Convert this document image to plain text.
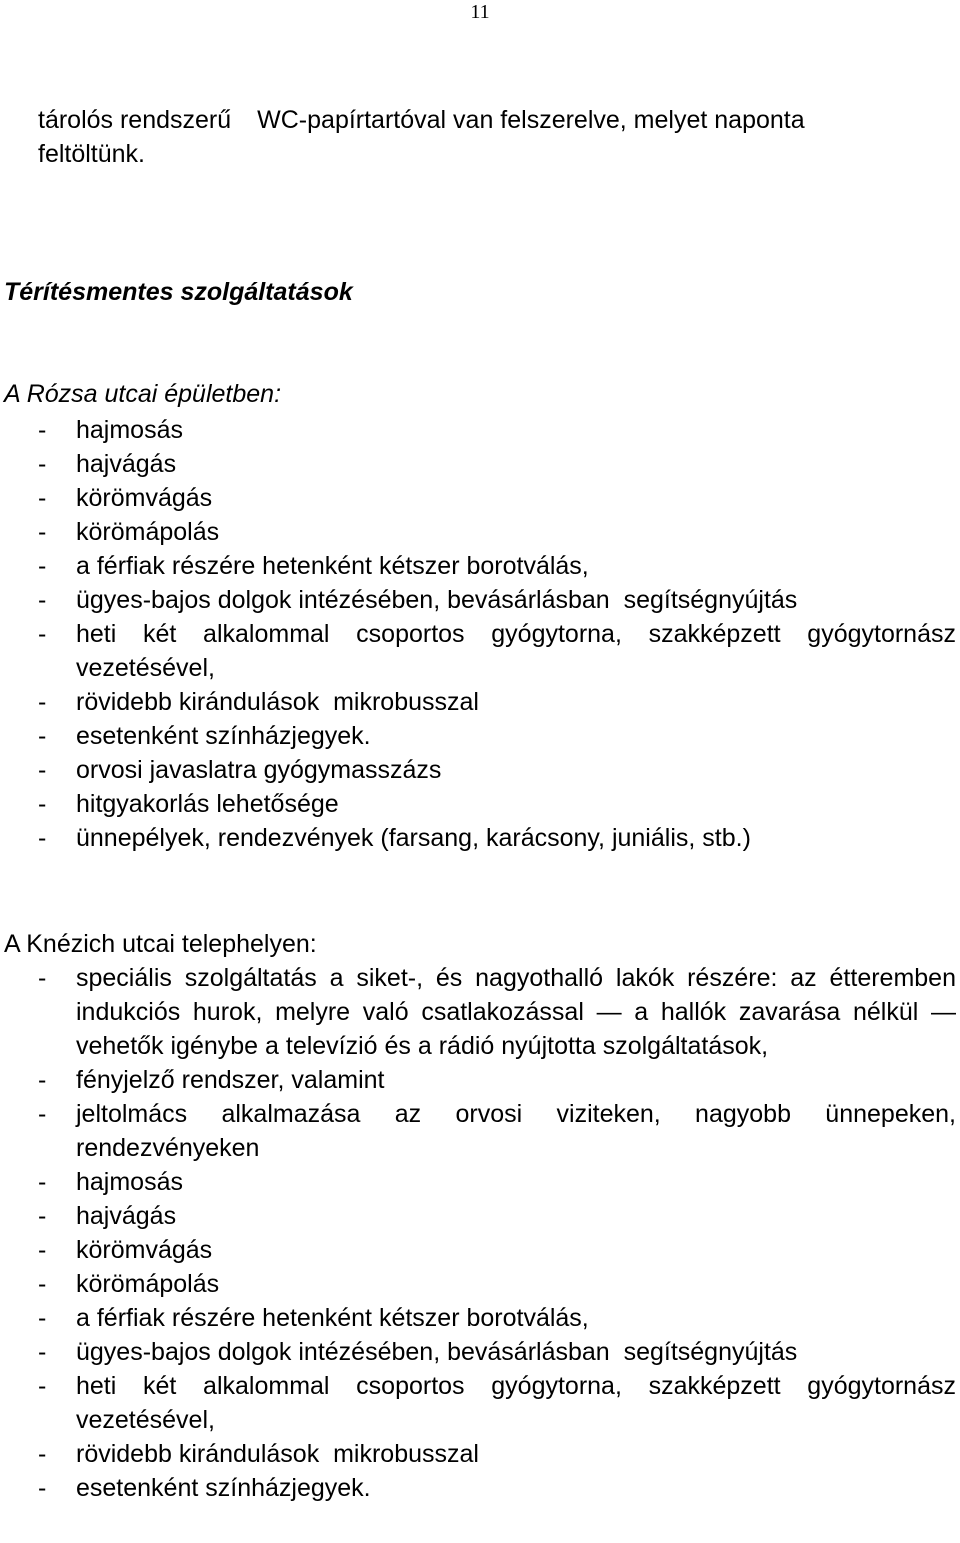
11
tárolós rendszerű WC-papírtartóval van felszerelve, melyet naponta
feltöltünk.
Térítésmentes szolgáltatások
A Rózsa utcai épületben:
- hajmosás
- hajvágás
- körömvágás
- körömápolás
- a férfiak részére hetenként kétszer borotválás,
- ügyes-bajos dolgok intézésében, bevásárlásban  segítségnyújtás
- heti két alkalommal csoportos gyógytorna, szakképzett gyógytornász vezetésével,
- rövidebb kirándulások  mikrobusszal
- esetenként színházjegyek.
- orvosi javaslatra gyógymasszázs
- hitgyakorlás lehetősége
- ünnepélyek, rendezvények (farsang, karácsony, juniális, stb.)
A Knézich utcai telephelyen:
- speciális szolgáltatás a siket-, és nagyothalló lakók részére: az étteremben indukciós hurok, melyre való csatlakozással — a hallók zavarása nélkül — vehetők igénybe a televízió és a rádió nyújtotta szolgáltatások,
- fényjelző rendszer, valamint
- jeltolmács alkalmazása az orvosi viziteken, nagyobb ünnepeken, rendezvényeken
- hajmosás
- hajvágás
- körömvágás
- körömápolás
- a férfiak részére hetenként kétszer borotválás,
- ügyes-bajos dolgok intézésében, bevásárlásban  segítségnyújtás
- heti két alkalommal csoportos gyógytorna, szakképzett gyógytornász vezetésével,
- rövidebb kirándulások  mikrobusszal
- esetenként színházjegyek.
